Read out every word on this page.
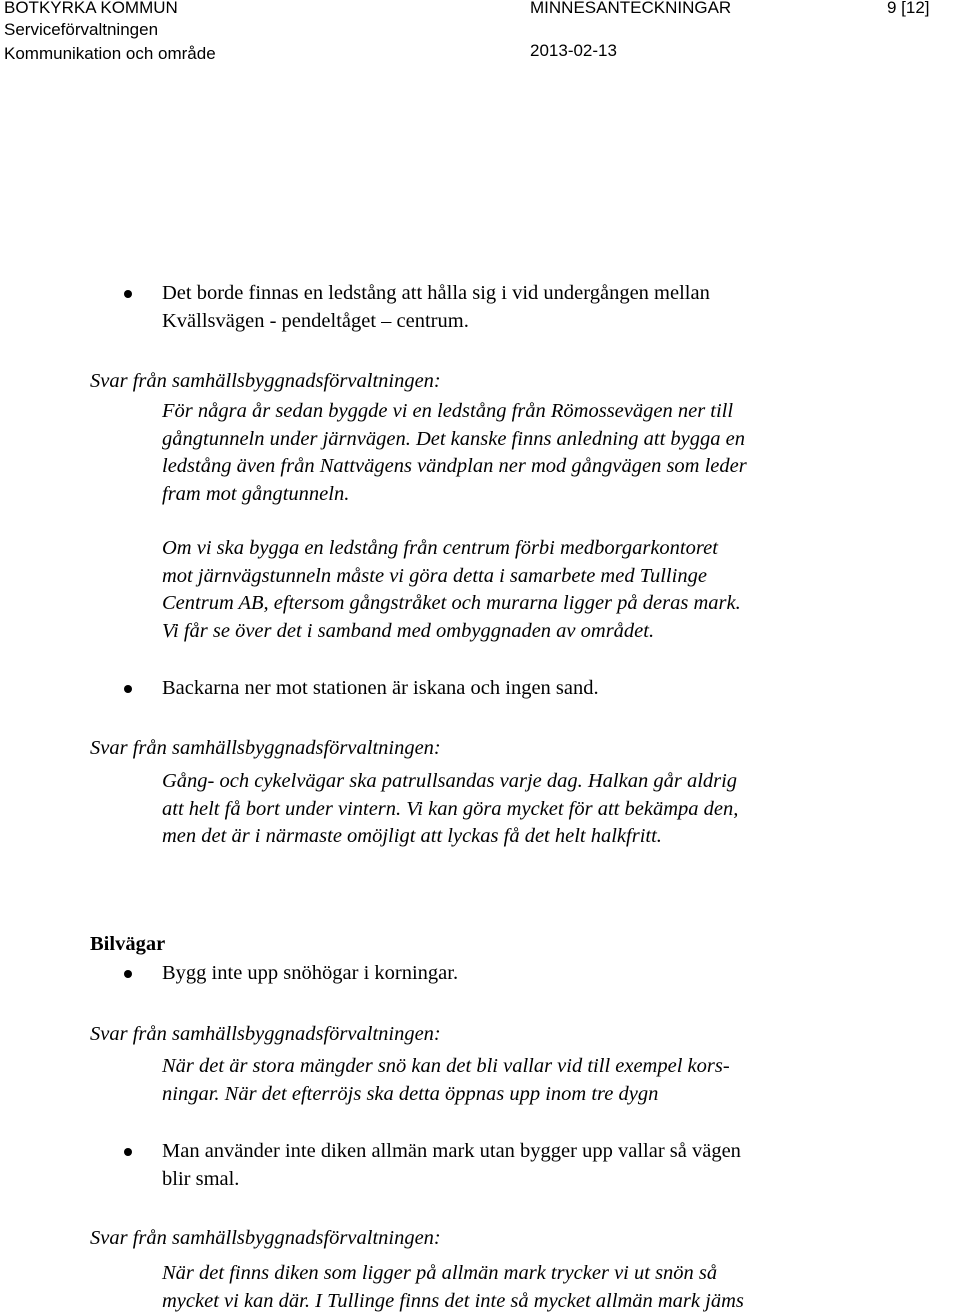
BOTKYRKA KOMMUN
Serviceförvaltningen
Kommunikation och område
MINNESANTECKNINGAR
2013-02-13
9 [12]
Det borde finnas en ledstång att hålla sig i vid undergången mellan
Kvällsvägen - pendeltåget – centrum.
Svar från samhällsbyggnadsförvaltningen:
För några år sedan byggde vi en ledstång från Römossevägen ner till
gångtunneln under järnvägen. Det kanske finns anledning att bygga en
ledstång även från Nattvägens vändplan ner mod gångvägen som leder
fram mot gångtunneln.
Om vi ska bygga en ledstång från centrum förbi medborgarkontoret
mot järnvägstunneln måste vi göra detta i samarbete med Tullinge
Centrum AB, eftersom gångstråket och murarna ligger på deras mark.
Vi får se över det i samband med ombyggnaden av området.
Backarna ner mot stationen är iskana och ingen sand.
Svar från samhällsbyggnadsförvaltningen:
Gång- och cykelvägar ska patrullsandas varje dag. Halkan går aldrig
att helt få bort under vintern. Vi kan göra mycket för att bekämpa den,
men det är i närmaste omöjligt att lyckas få det helt halkfritt.
Bilvägar
Bygg inte upp snöhögar i korningar.
Svar från samhällsbyggnadsförvaltningen:
När det är stora mängder snö kan det bli vallar vid till exempel kors-
ningar. När det efterröjs ska detta öppnas upp inom tre dygn
Man använder inte diken allmän mark utan bygger upp vallar så vägen
blir smal.
Svar från samhällsbyggnadsförvaltningen:
När det finns diken som ligger på allmän mark trycker vi ut snön så
mycket vi kan där. I Tullinge finns det inte så mycket allmän mark jäms
